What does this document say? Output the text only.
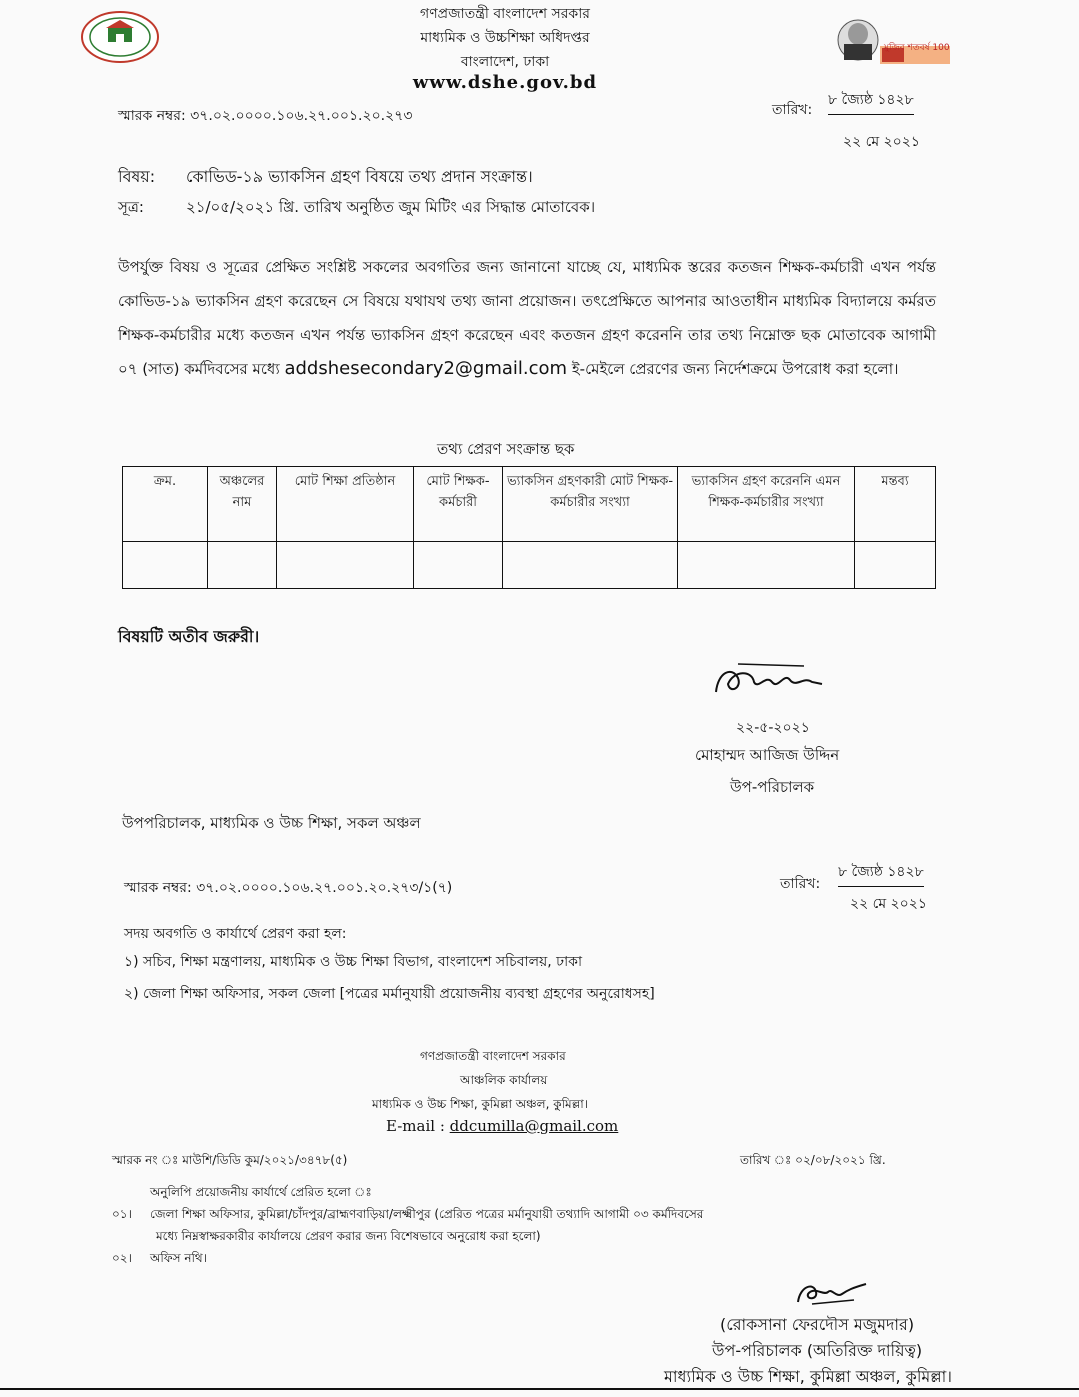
গণপ্রজাতন্ত্রী বাংলাদেশ সরকার
মাধ্যমিক ও উচ্চশিক্ষা অধিদপ্তর
বাংলাদেশ, ঢাকা
www.dshe.gov.bd
মুজিব শতবর্ষ 100
স্মারক নম্বর: ৩৭.০২.০০০০.১০৬.২৭.০০১.২০.২৭৩	তারিখ:
৮ জ্যৈষ্ঠ ১৪২৮
২২ মে ২০২১
বিষয়: কোভিড-১৯ ভ্যাকসিন গ্রহণ বিষয়ে তথ্য প্রদান সংক্রান্ত।
সূত্র:	২১/০৫/২০২১ খ্রি. তারিখ অনুষ্ঠিত জুম মিটিং এর সিদ্ধান্ত মোতাবেক।
উপর্যুক্ত বিষয় ও সূত্রের প্রেক্ষিত সংশ্লিষ্ট সকলের অবগতির জন্য জানানো যাচ্ছে যে, মাধ্যমিক স্তরের কতজন শিক্ষক-কর্মচারী এখন পর্যন্ত কোভিড-১৯ ভ্যাকসিন গ্রহণ করেছেন সে বিষয়ে যথাযথ তথ্য জানা প্রয়োজন। তৎপ্রেক্ষিতে আপনার আওতাধীন মাধ্যমিক বিদ্যালয়ে কর্মরত শিক্ষক-কর্মচারীর মধ্যে কতজন এখন পর্যন্ত ভ্যাকসিন গ্রহণ করেছেন এবং কতজন গ্রহণ করেননি তার তথ্য নিম্নোক্ত ছক মোতাবেক আগামী ০৭ (সাত) কর্মদিবসের মধ্যে addshesecondary2@gmail.com ই-মেইলে প্রেরণের জন্য নির্দেশক্রমে উপরোধ করা হলো।
তথ্য প্রেরণ সংক্রান্ত ছক
ক্রম.	অঞ্চলের নাম	মোট শিক্ষা প্রতিষ্ঠান	মোট শিক্ষক-কর্মচারী	ভ্যাকসিন গ্রহণকারী মোট শিক্ষক-কর্মচারীর সংখ্যা	ভ্যাকসিন গ্রহণ করেননি এমন শিক্ষক-কর্মচারীর সংখ্যা	মন্তব্য

বিষয়টি অতীব জরুরী।
২২-৫-২০২১
মোহাম্মদ আজিজ উদ্দিন
উপ-পরিচালক
উপপরিচালক, মাধ্যমিক ও উচ্চ শিক্ষা, সকল অঞ্চল
স্মারক নম্বর: ৩৭.০২.০০০০.১০৬.২৭.০০১.২০.২৭৩/১(৭)	তারিখ:
৮ জ্যৈষ্ঠ ১৪২৮
২২ মে ২০২১
সদয় অবগতি ও কার্যার্থে প্রেরণ করা হল:
১) সচিব, শিক্ষা মন্ত্রণালয়, মাধ্যমিক ও উচ্চ শিক্ষা বিভাগ, বাংলাদেশ সচিবালয়, ঢাকা
২) জেলা শিক্ষা অফিসার, সকল জেলা [পত্রের মর্মানুযায়ী প্রয়োজনীয় ব্যবস্থা গ্রহণের অনুরোধসহ]
গণপ্রজাতন্ত্রী বাংলাদেশ সরকার
আঞ্চলিক কার্যালয়
মাধ্যমিক ও উচ্চ শিক্ষা, কুমিল্লা অঞ্চল, কুমিল্লা।
E-mail : ddcumilla@gmail.com
স্মারক নং ঃ মাউশি/ডিডি কুম/২০২১/৩৪৭৮(৫)	তারিখ ঃ ০২/০৮/২০২১ খ্রি.
অনুলিপি প্রয়োজনীয় কার্যার্থে প্রেরিত হলো ঃ
০১। জেলা শিক্ষা অফিসার, কুমিল্লা/চাঁদপুর/ব্রাহ্মণবাড়িয়া/লক্ষ্মীপুর (প্রেরিত পত্রের মর্মানুযায়ী তথ্যাদি আগামী ০৩ কর্মদিবসের
মধ্যে নিম্নস্বাক্ষরকারীর কার্যালয়ে প্রেরণ করার জন্য বিশেষভাবে অনুরোধ করা হলো)
০২। অফিস নথি।
(রোকসানা ফেরদৌস মজুমদার)
উপ-পরিচালক (অতিরিক্ত দায়িত্ব)
মাধ্যমিক ও উচ্চ শিক্ষা, কুমিল্লা অঞ্চল, কুমিল্লা।
